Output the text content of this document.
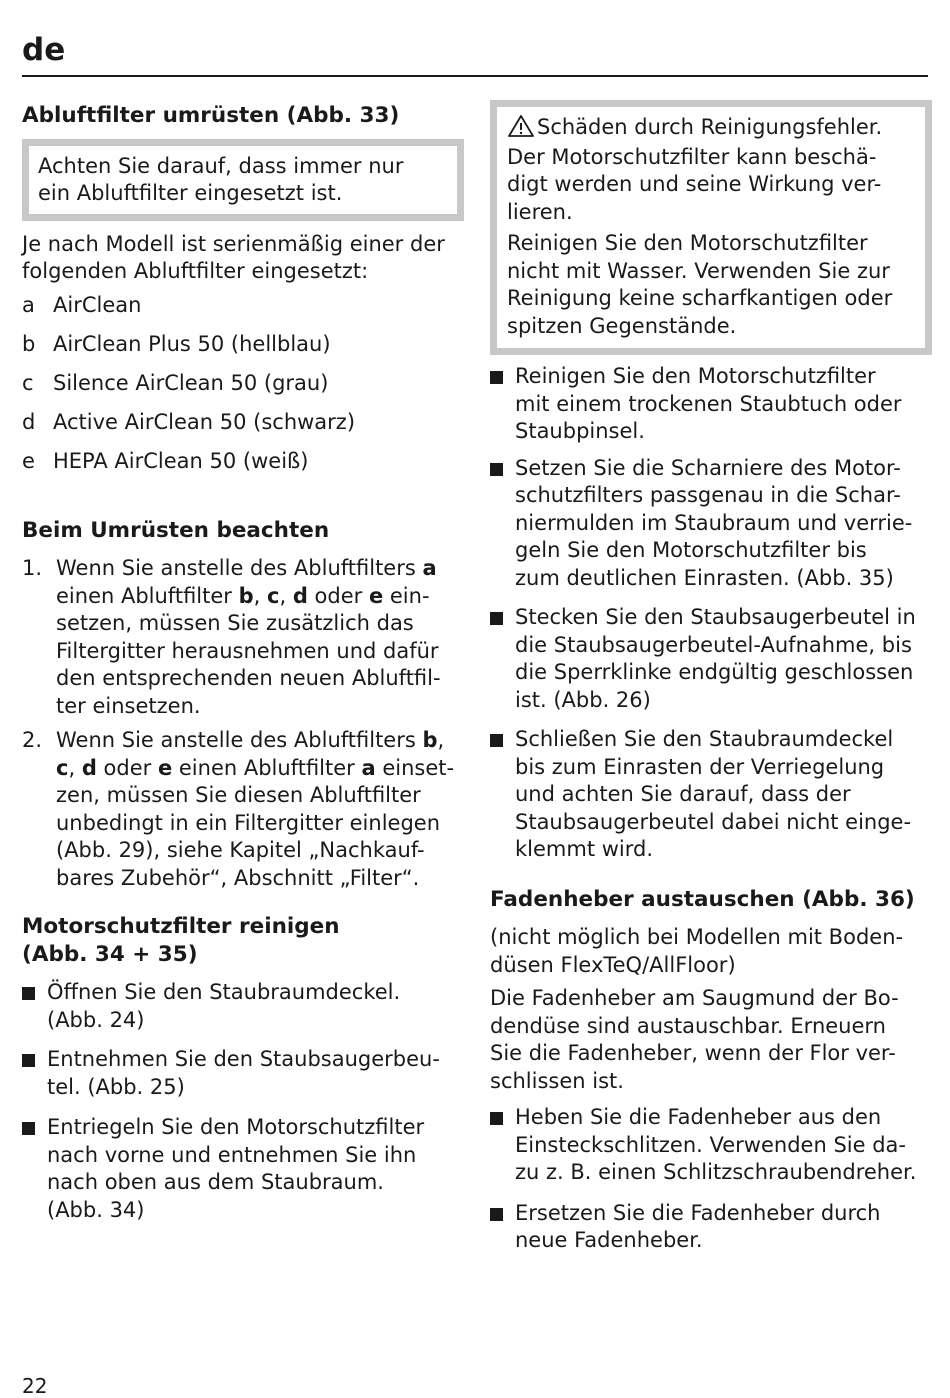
de
Abluftfilter umrüsten (Abb. 33)
Achten Sie darauf, dass immer nur
ein Abluftfilter eingesetzt ist.

Je nach Modell ist serienmäßig einer der
folgenden Abluftfilter eingesetzt:

a AirClean
b AirClean Plus 50 (hellblau)
c Silence AirClean 50 (grau)
d Active AirClean 50 (schwarz)
e HEPA AirClean 50 (weiß)
Beim Umrüsten beachten
1. Wenn Sie anstelle des Abluftfilters a
einen Abluftfilter b, c, d oder e ein-
setzen, müssen Sie zusätzlich das
Filtergitter herausnehmen und dafür
den entsprechenden neuen Abluftfil-
ter einsetzen.
2. Wenn Sie anstelle des Abluftfilters b,
c, d oder e einen Abluftfilter a einset-
zen, müssen Sie diesen Abluftfilter
unbedingt in ein Filtergitter einlegen
(Abb. 29), siehe Kapitel „Nachkauf-
bares Zubehör“, Abschnitt „Filter“.
Motorschutzfilter reinigen
(Abb. 34 + 35)
Öffnen Sie den Staubraumdeckel.
(Abb. 24)
Entnehmen Sie den Staubsaugerbeu-
tel. (Abb. 25)
Entriegeln Sie den Motorschutzfilter
nach vorne und entnehmen Sie ihn
nach oben aus dem Staubraum.
(Abb. 34)
Schäden durch Reinigungsfehler.

Der Motorschutzfilter kann beschä-
digt werden und seine Wirkung ver-
lieren.

Reinigen Sie den Motorschutzfilter
nicht mit Wasser. Verwenden Sie zur
Reinigung keine scharfkantigen oder
spitzen Gegenstände.

Reinigen Sie den Motorschutzfilter
mit einem trockenen Staubtuch oder
Staubpinsel.
Setzen Sie die Scharniere des Motor-
schutzfilters passgenau in die Schar-
niermulden im Staubraum und verrie-
geln Sie den Motorschutzfilter bis
zum deutlichen Einrasten. (Abb. 35)
Stecken Sie den Staubsaugerbeutel in
die Staubsaugerbeutel-Aufnahme, bis
die Sperrklinke endgültig geschlossen
ist. (Abb. 26)
Schließen Sie den Staubraumdeckel
bis zum Einrasten der Verriegelung
und achten Sie darauf, dass der
Staubsaugerbeutel dabei nicht einge-
klemmt wird.
Fadenheber austauschen (Abb. 36)

(nicht möglich bei Modellen mit Boden-
düsen FlexTeQ/AllFloor)

Die Fadenheber am Saugmund der Bo-
dendüse sind austauschbar. Erneuern
Sie die Fadenheber, wenn der Flor ver-
schlissen ist.

Heben Sie die Fadenheber aus den
Einsteckschlitzen. Verwenden Sie da-
zu z. B. einen Schlitzschraubendreher.
Ersetzen Sie die Fadenheber durch
neue Fadenheber.
22
